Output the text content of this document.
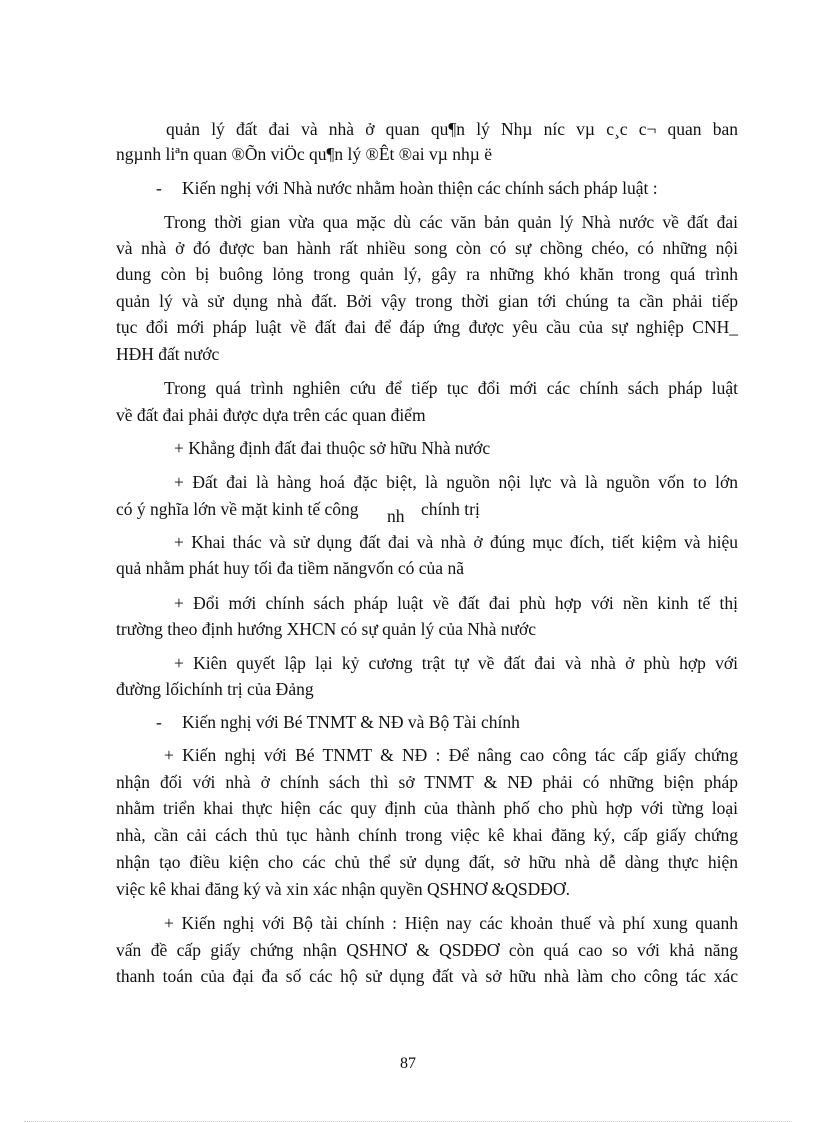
quản lý đất đai và nhà ở quan qu¶n lý Nhµ níc vµ c¸c c¬ quan ban
ngµnh liªn quan ®Õn viÖc qu¶n lý ®Êt ®ai vµ nhµ ë
- Kiến nghị với Nhà nước nhằm hoàn thiện các chính sách pháp luật :
Trong thời gian vừa qua mặc dù các văn bản quản lý Nhà nước về đất đai
và nhà ở đó được ban hành rất nhiều song còn có sự chồng chéo, có những nội
dung còn bị buông lỏng trong quản lý, gây ra những khó khăn trong quá trình
quản lý và sử dụng nhà đất. Bởi vậy trong thời gian tới chúng ta cần phải tiếp
tục đổi mới pháp luật về đất đai để đáp ứng được yêu cầu của sự nghiệp CNH_
HĐH đất nước
Trong quá trình nghiên cứu để tiếp tục đổi mới các chính sách pháp luật
về đất đai phải được dựa trên các quan điểm
+ Khẳng định đất đai thuộc sở hữu Nhà nước
+ Đất đai là hàng hoá đặc biệt, là nguồn nội lực và là nguồn vốn to lớn
có ý nghĩa lớn về mặt kinh tế công	nh chính trị
+ Khai thác và sử dụng đất đai và nhà ở đúng mục đích, tiết kiệm và hiệu
quả nhằm phát huy tối đa tiềm năngvốn có của nã
+ Đổi mới chính sách pháp luật về đất đai phù hợp với nền kinh tế thị
trường theo định hướng XHCN có sự quản lý của Nhà nước
+ Kiên quyết lập lại kỷ cương trật tự về đất đai và nhà ở phù hợp với
đường lốichính trị của Đảng
- Kiến nghị với Bé TNMT & NĐ và Bộ Tài chính
+ Kiến nghị với Bé TNMT & NĐ : Để nâng cao công tác cấp giấy chứng
nhận đối với nhà ở chính sách thì sở TNMT & NĐ phải có những biện pháp
nhằm triển khai thực hiện các quy định của thành phố cho phù hợp với từng loại
nhà, cần cải cách thủ tục hành chính trong việc kê khai đăng ký, cấp giấy chứng
nhận tạo điều kiện cho các chủ thể sử dụng đất, sở hữu nhà dễ dàng thực hiện
việc kê khai đăng ký và xin xác nhận quyền QSHNƠ &QSDĐƠ.
+ Kiến nghị với Bộ tài chính : Hiện nay các khoản thuế và phí xung quanh
vấn đề cấp giấy chứng nhận QSHNƠ & QSDĐƠ còn quá cao so với khả năng
thanh toán của đại đa số các hộ sử dụng đất và sở hữu nhà làm cho công tác xác
87
